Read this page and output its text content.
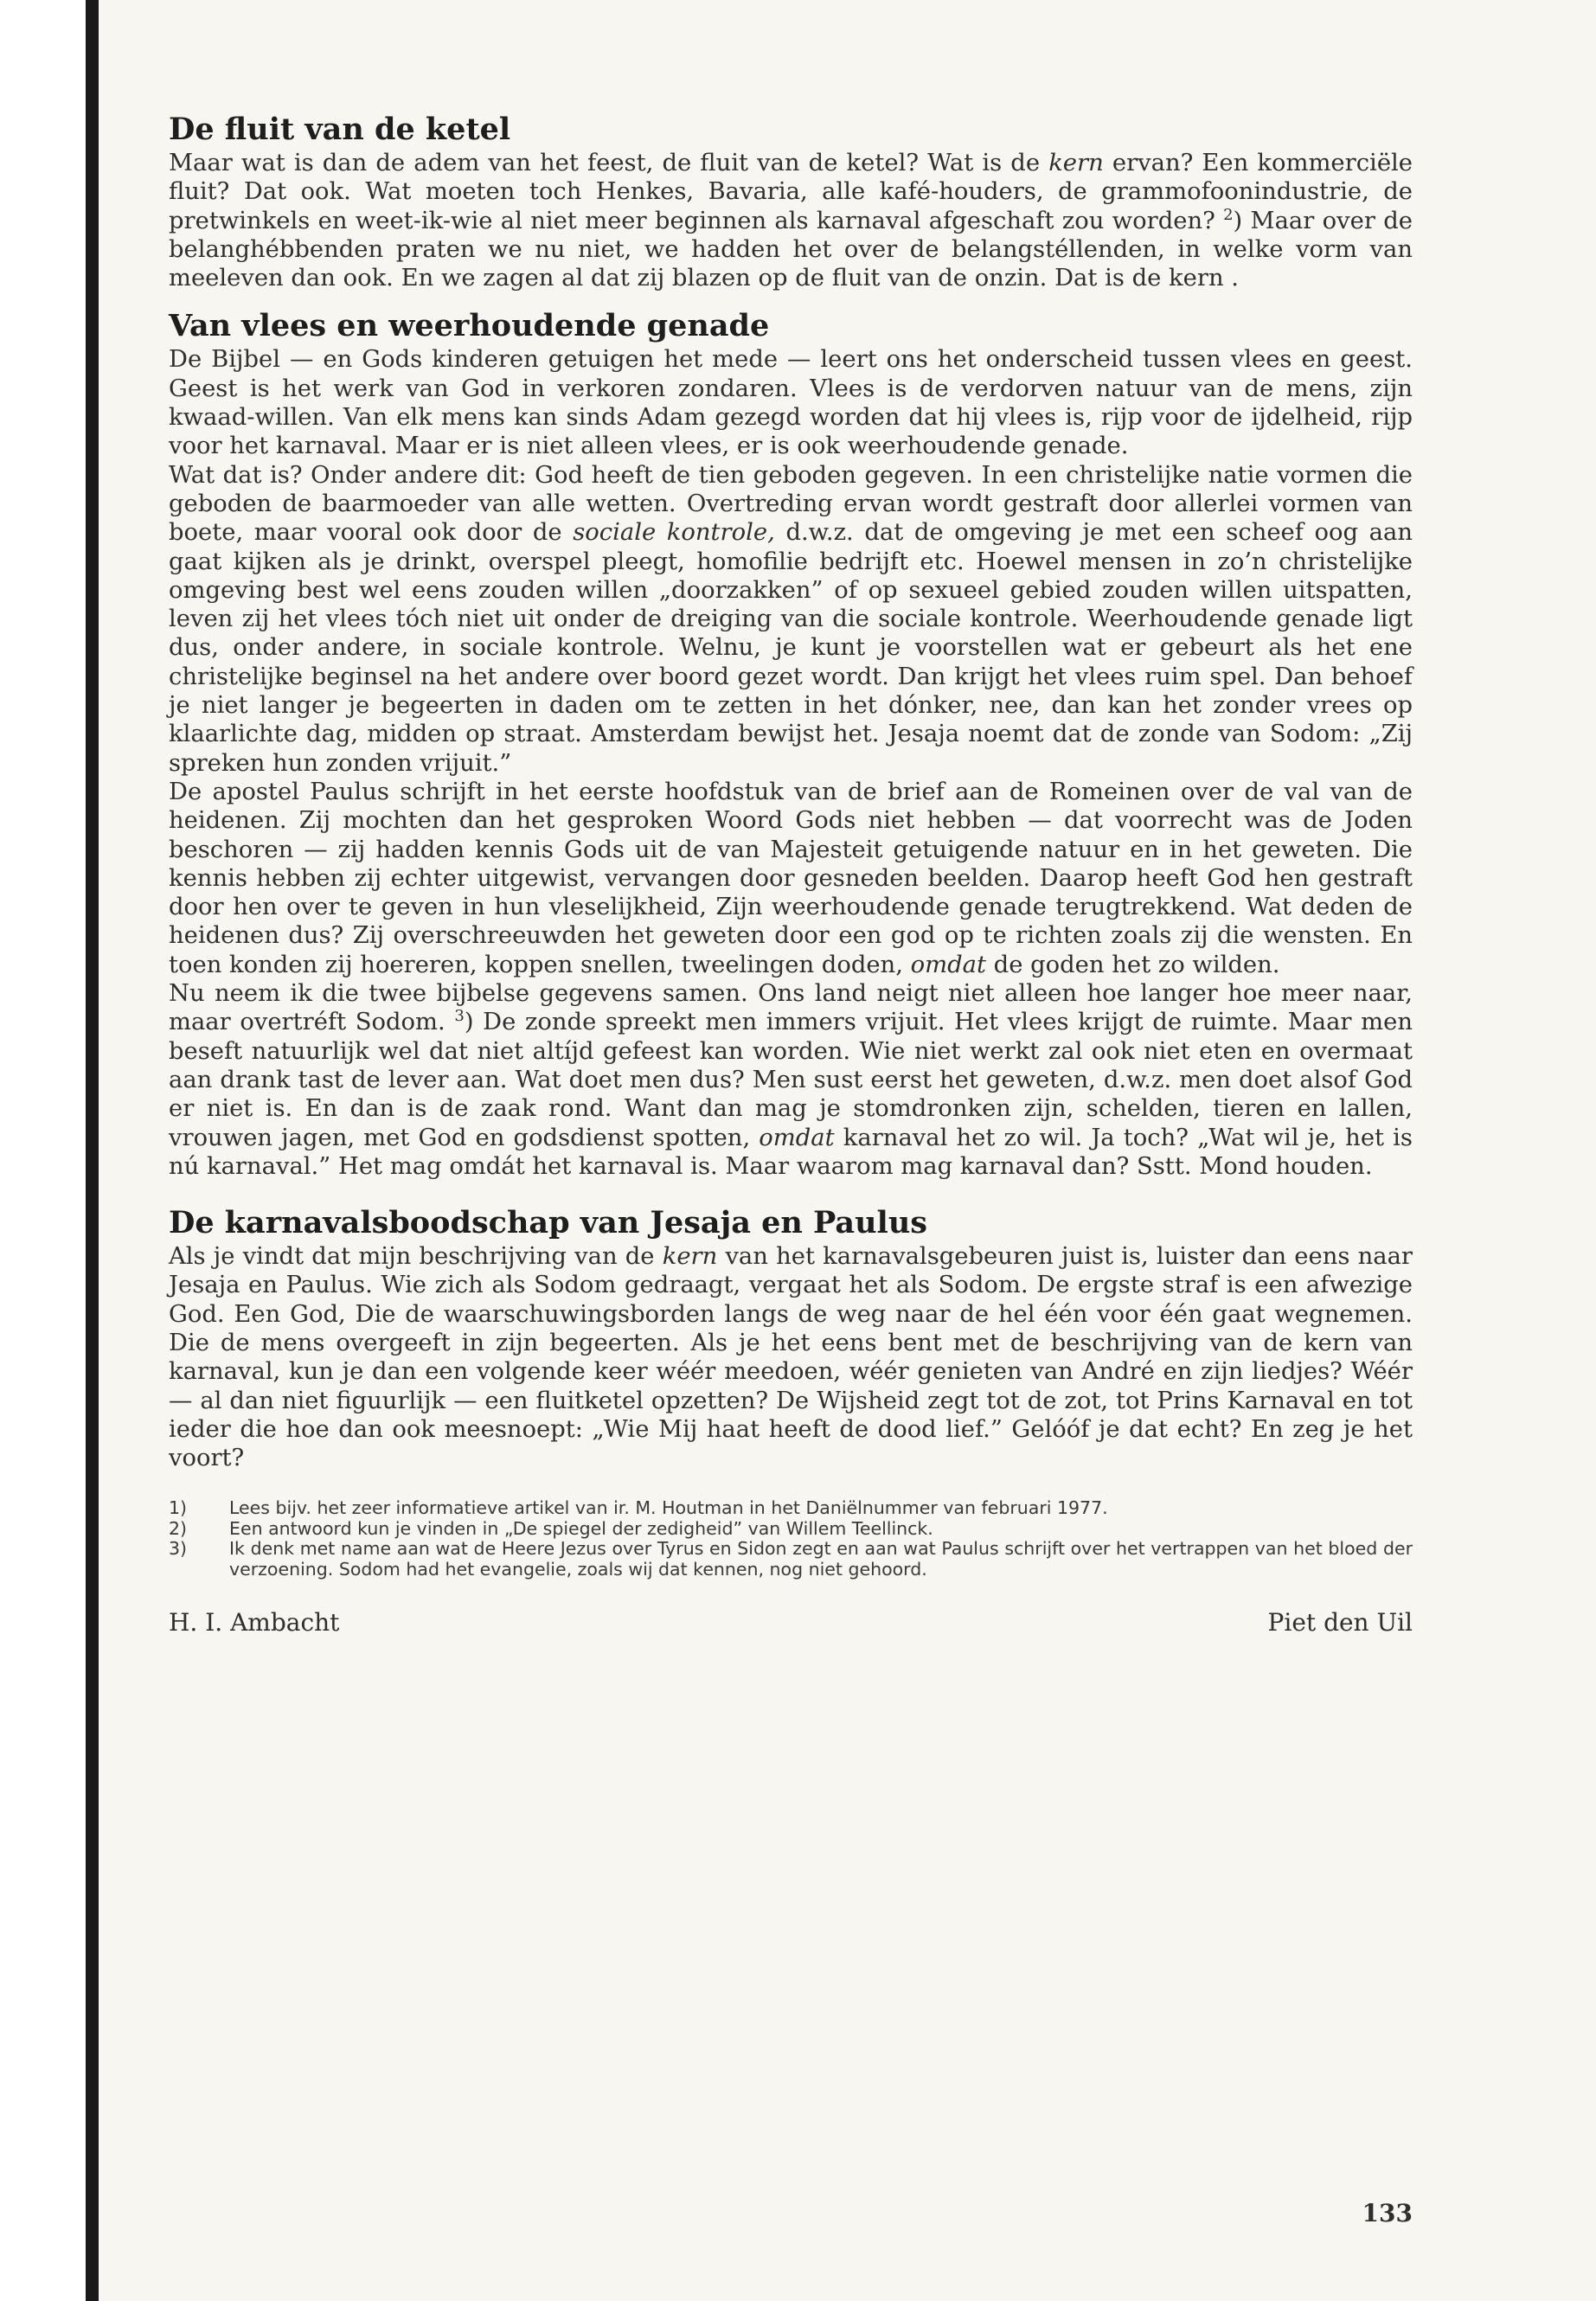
De fluit van de ketel

Maar wat is dan de adem van het feest, de fluit van de ketel? Wat is de kern ervan? Een kommerciële fluit? Dat ook. Wat moeten toch Henkes, Bavaria, alle kafé-houders, de grammofoonindustrie, de pretwinkels en weet-ik-wie al niet meer beginnen als karnaval afgeschaft zou worden? $^2$) Maar over de belanghébbenden praten we nu niet, we hadden het over de belangstéllenden, in welke vorm van meeleven dan ook. En we zagen al dat zij blazen op de fluit van de onzin. Dat is de kern .

Van vlees en weerhoudende genade

De Bijbel — en Gods kinderen getuigen het mede — leert ons het onderscheid tussen vlees en geest. Geest is het werk van God in verkoren zondaren. Vlees is de verdorven natuur van de mens, zijn kwaad-willen. Van elk mens kan sinds Adam gezegd worden dat hij vlees is, rijp voor de ijdelheid, rijp voor het karnaval. Maar er is niet alleen vlees, er is ook weerhoudende genade.

Wat dat is? Onder andere dit: God heeft de tien geboden gegeven. In een christelijke natie vormen die geboden de baarmoeder van alle wetten. Overtreding ervan wordt gestraft door allerlei vormen van boete, maar vooral ook door de sociale kontrole, d.w.z. dat de omgeving je met een scheef oog aan gaat kijken als je drinkt, overspel pleegt, homofilie bedrijft etc. Hoewel mensen in zo’n christelijke omgeving best wel eens zouden willen „doorzakken” of op sexueel gebied zouden willen uitspatten, leven zij het vlees tóch niet uit onder de dreiging van die sociale kontrole. Weerhoudende genade ligt dus, onder andere, in sociale kontrole. Welnu, je kunt je voorstellen wat er gebeurt als het ene christelijke beginsel na het andere over boord gezet wordt. Dan krijgt het vlees ruim spel. Dan behoef je niet langer je begeerten in daden om te zetten in het dónker, nee, dan kan het zonder vrees op klaarlichte dag, midden op straat. Amsterdam bewijst het. Jesaja noemt dat de zonde van Sodom: „Zij spreken hun zonden vrijuit.”

De apostel Paulus schrijft in het eerste hoofdstuk van de brief aan de Romeinen over de val van de heidenen. Zij mochten dan het gesproken Woord Gods niet hebben — dat voorrecht was de Joden beschoren — zij hadden kennis Gods uit de van Majesteit getuigende natuur en in het geweten. Die kennis hebben zij echter uitgewist, vervangen door gesneden beelden. Daarop heeft God hen gestraft door hen over te geven in hun vleselijkheid, Zijn weerhoudende genade terugtrekkend. Wat deden de heidenen dus? Zij overschreeuwden het geweten door een god op te richten zoals zij die wensten. En toen konden zij hoereren, koppen snellen, tweelingen doden, omdat de goden het zo wilden.

Nu neem ik die twee bijbelse gegevens samen. Ons land neigt niet alleen hoe langer hoe meer naar, maar overtréft Sodom. $^3$) De zonde spreekt men immers vrijuit. Het vlees krijgt de ruimte. Maar men beseft natuurlijk wel dat niet altíjd gefeest kan worden. Wie niet werkt zal ook niet eten en overmaat aan drank tast de lever aan. Wat doet men dus? Men sust eerst het geweten, d.w.z. men doet alsof God er niet is. En dan is de zaak rond. Want dan mag je stomdronken zijn, schelden, tieren en lallen, vrouwen jagen, met God en godsdienst spotten, omdat karnaval het zo wil. Ja toch? „Wat wil je, het is nú karnaval.” Het mag omdát het karnaval is. Maar waarom mag karnaval dan? Sstt. Mond houden.

De karnavalsboodschap van Jesaja en Paulus

Als je vindt dat mijn beschrijving van de kern van het karnavalsgebeuren juist is, luister dan eens naar Jesaja en Paulus. Wie zich als Sodom gedraagt, vergaat het als Sodom. De ergste straf is een afwezige God. Een God, Die de waarschuwingsborden langs de weg naar de hel één voor één gaat wegnemen. Die de mens overgeeft in zijn begeerten. Als je het eens bent met de beschrijving van de kern van karnaval, kun je dan een volgende keer wéér meedoen, wéér genieten van André en zijn liedjes? Wéér — al dan niet figuurlijk — een fluitketel opzetten? De Wijsheid zegt tot de zot, tot Prins Karnaval en tot ieder die hoe dan ook meesnoept: „Wie Mij haat heeft de dood lief.” Gelóóf je dat echt? En zeg je het voort?

1)	Lees bijv. het zeer informatieve artikel van ir. M. Houtman in het Daniëlnummer van februari 1977.
2)	Een antwoord kun je vinden in „De spiegel der zedigheid” van Willem Teellinck.
3)	Ik denk met name aan wat de Heere Jezus over Tyrus en Sidon zegt en aan wat Paulus schrijft over het vertrappen van het bloed der verzoening. Sodom had het evangelie, zoals wij dat kennen, nog niet gehoord.
H. I. Ambacht	Piet den Uil
133
